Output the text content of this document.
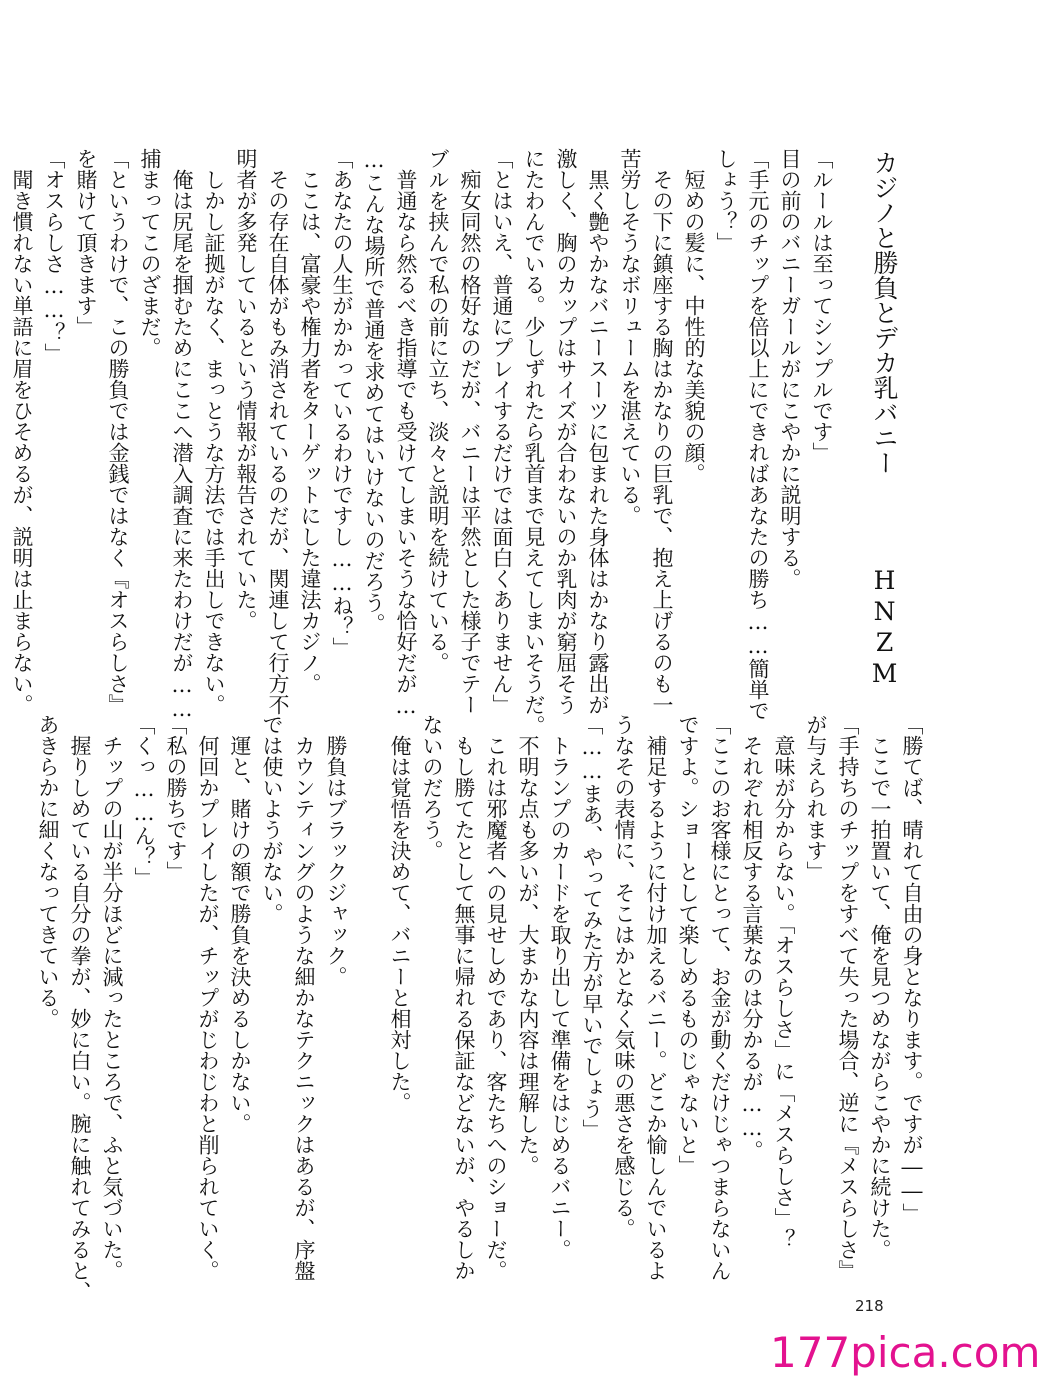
カジノと勝負とデカ乳バニー
HNZM

「ルールは至ってシンプルです」

目の前のバニーガールがにこやかに説明する。

「手元のチップを倍以上にできればあなたの勝ち……簡単で

しょう？」

　短めの髪に、中性的な美貌の顔。

　その下に鎮座する胸はかなりの巨乳で、抱え上げるのも一

苦労しそうなボリュームを湛えている。

　黒く艶やかなバニースーツに包まれた身体はかなり露出が

激しく、胸のカップはサイズが合わないのか乳肉が窮屈そう

にたわんでいる。少しずれたら乳首まで見えてしまいそうだ。

「とはいえ、普通にプレイするだけでは面白くありません」

　痴女同然の格好なのだが、バニーは平然とした様子でテー

ブルを挟んで私の前に立ち、淡々と説明を続けている。

　普通なら然るべき指導でも受けてしまいそうな恰好だが…

…こんな場所で普通を求めてはいけないのだろう。

「あなたの人生がかかっているわけですし……ね？」

　ここは、富豪や権力者をターゲットにした違法カジノ。

　その存在自体がもみ消されているのだが、関連して行方不

明者が多発しているという情報が報告されていた。

　しかし証拠がなく、まっとうな方法では手出しできない。

　俺は尻尾を掴むためにここへ潜入調査に来たわけだが……

捕まってこのざまだ。

「というわけで、この勝負では金銭ではなく『オスらしさ』

を賭けて頂きます」

「オスらしさ……？」

　聞き慣れない単語に眉をひそめるが、説明は止まらない。

「勝てば、晴れて自由の身となります。ですが――」

　ここで一拍置いて、俺を見つめながらこやかに続けた。

「手持ちのチップをすべて失った場合、逆に『メスらしさ』

が与えられます」

　意味が分からない。「オスらしさ」に「メスらしさ」？

　それぞれ相反する言葉なのは分かるが……。

「ここのお客様にとって、お金が動くだけじゃつまらないん

ですよ。ショーとして楽しめるものじゃないと」

　補足するように付け加えるバニー。どこか愉しんでいるよ

うなその表情に、そこはかとなく気味の悪さを感じる。

「……まあ、やってみた方が早いでしょう」

　トランプのカードを取り出して準備をはじめるバニー。

　不明な点も多いが、大まかな内容は理解した。

　これは邪魔者への見せしめであり、客たちへのショーだ。

　もし勝てたとして無事に帰れる保証などないが、やるしか

ないのだろう。

　俺は覚悟を決めて、バニーと相対した。

　勝負はブラックジャック。

　カウンティングのような細かなテクニックはあるが、序盤

では使いようがない。

　運と、賭けの額で勝負を決めるしかない。

　何回かプレイしたが、チップがじわじわと削られていく。

「私の勝ちです」

「くっ……ん？」

　チップの山が半分ほどに減ったところで、ふと気づいた。

　握りしめている自分の拳が、妙に白い。腕に触れてみると、

あきらかに細くなってきている。

218
177pica.com
